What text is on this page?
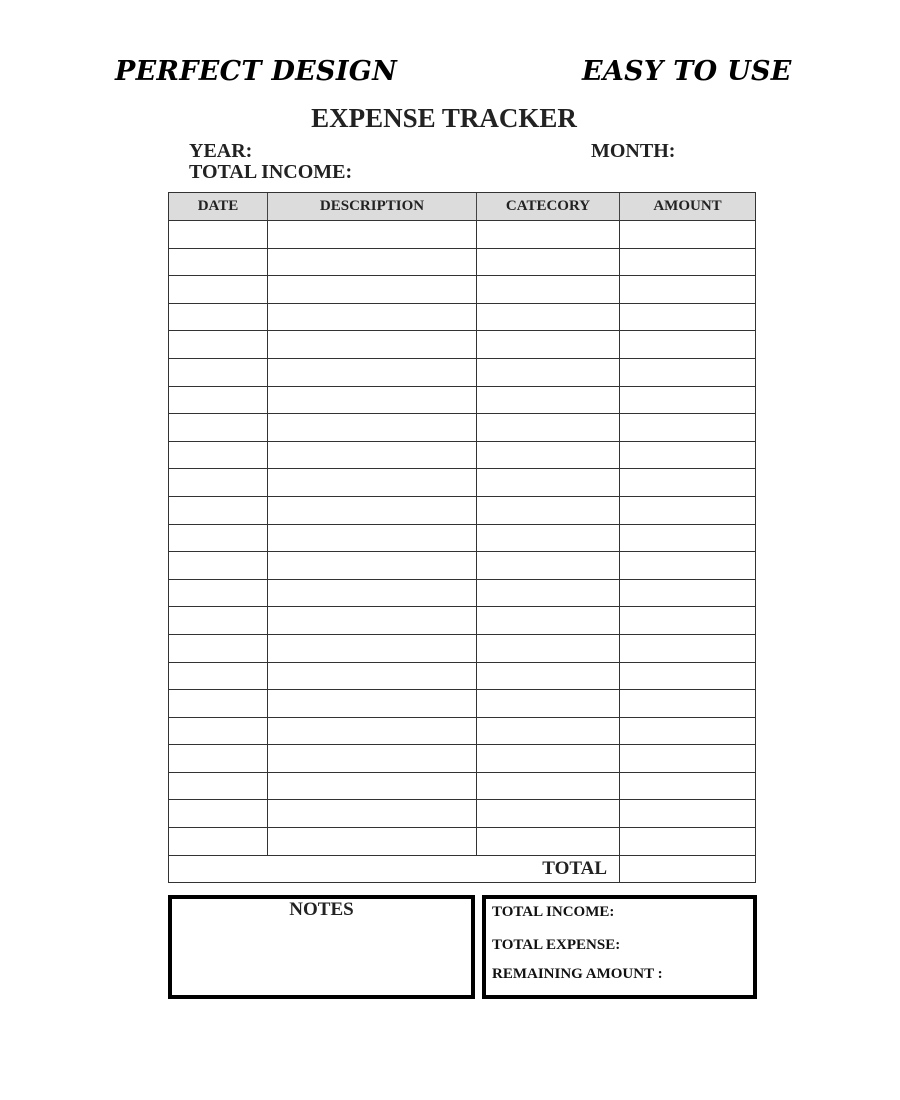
PERFECT DESIGN	EASY TO USE
EXPENSE TRACKER
YEAR:	MONTH:
TOTAL INCOME:
DATE	DESCRIPTION	CATECORY	AMOUNT
TOTAL
NOTES	TOTAL INCOME:
TOTAL EXPENSE:
REMAINING AMOUNT :
